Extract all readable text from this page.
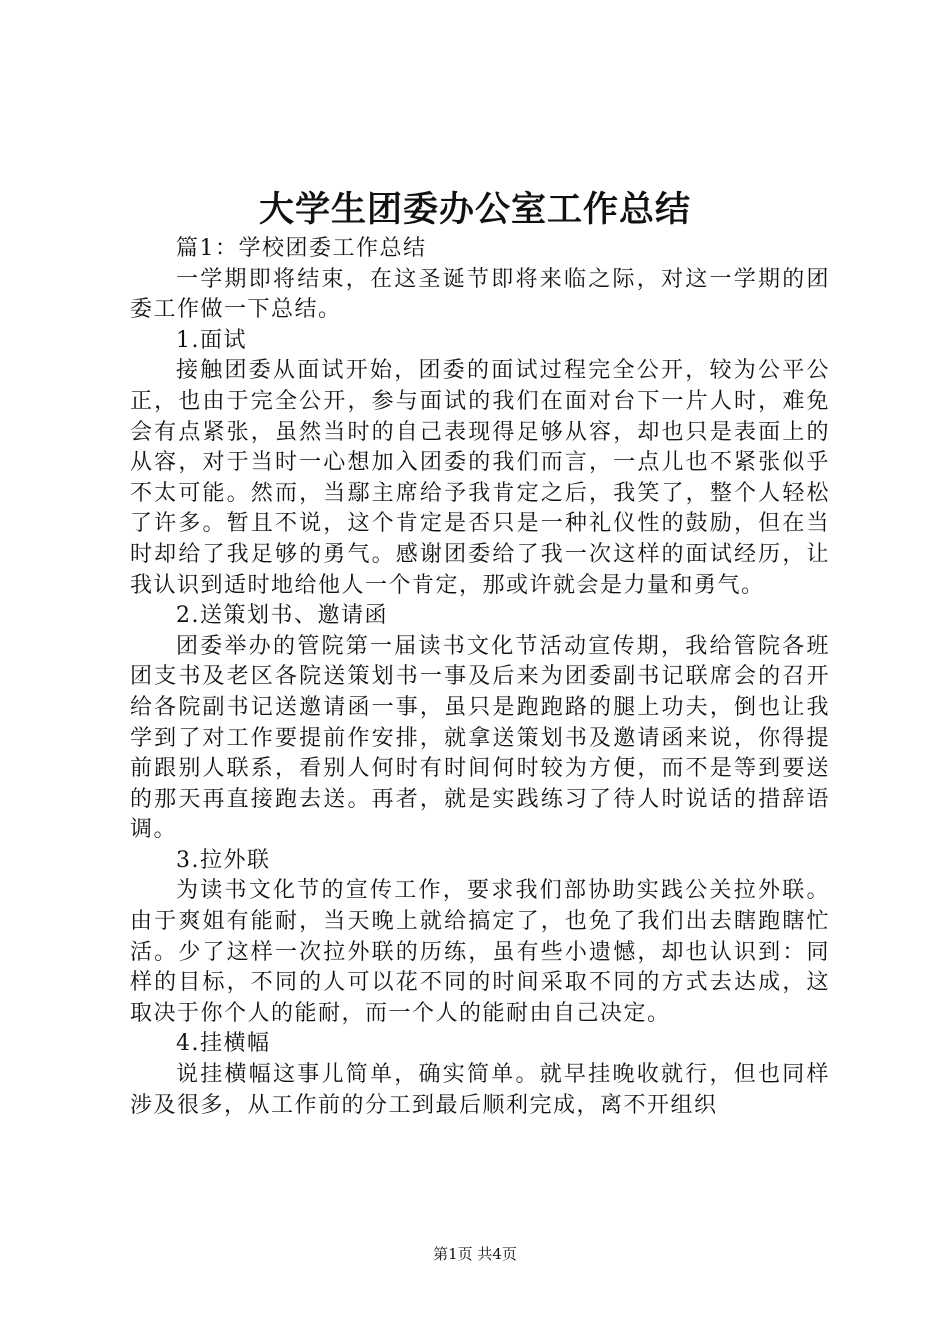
大学生团委办公室工作总结

篇1：学校团委工作总结

一学期即将结束，在这圣诞节即将来临之际，对这一学期的团委工作做一下总结。

1.面试

接触团委从面试开始，团委的面试过程完全公开，较为公平公正，也由于完全公开，参与面试的我们在面对台下一片人时，难免会有点紧张，虽然当时的自己表现得足够从容，却也只是表面上的从容，对于当时一心想加入团委的我们而言，一点儿也不紧张似乎不太可能。然而，当鄢主席给予我肯定之后，我笑了，整个人轻松了许多。暂且不说，这个肯定是否只是一种礼仪性的鼓励，但在当时却给了我足够的勇气。感谢团委给了我一次这样的面试经历，让我认识到适时地给他人一个肯定，那或许就会是力量和勇气。

2.送策划书、邀请函

团委举办的管院第一届读书文化节活动宣传期，我给管院各班团支书及老区各院送策划书一事及后来为团委副书记联席会的召开给各院副书记送邀请函一事，虽只是跑跑路的腿上功夫，倒也让我学到了对工作要提前作安排，就拿送策划书及邀请函来说，你得提前跟别人联系，看别人何时有时间何时较为方便，而不是等到要送的那天再直接跑去送。再者，就是实践练习了待人时说话的措辞语调。

3.拉外联

为读书文化节的宣传工作，要求我们部协助实践公关拉外联。由于爽姐有能耐，当天晚上就给搞定了，也免了我们出去瞎跑瞎忙活。少了这样一次拉外联的历练，虽有些小遗憾，却也认识到：同样的目标，不同的人可以花不同的时间采取不同的方式去达成，这取决于你个人的能耐，而一个人的能耐由自己决定。

4.挂横幅

说挂横幅这事儿简单，确实简单。就早挂晚收就行，但也同样涉及很多，从工作前的分工到最后顺利完成，离不开组织

第1页 共4页
